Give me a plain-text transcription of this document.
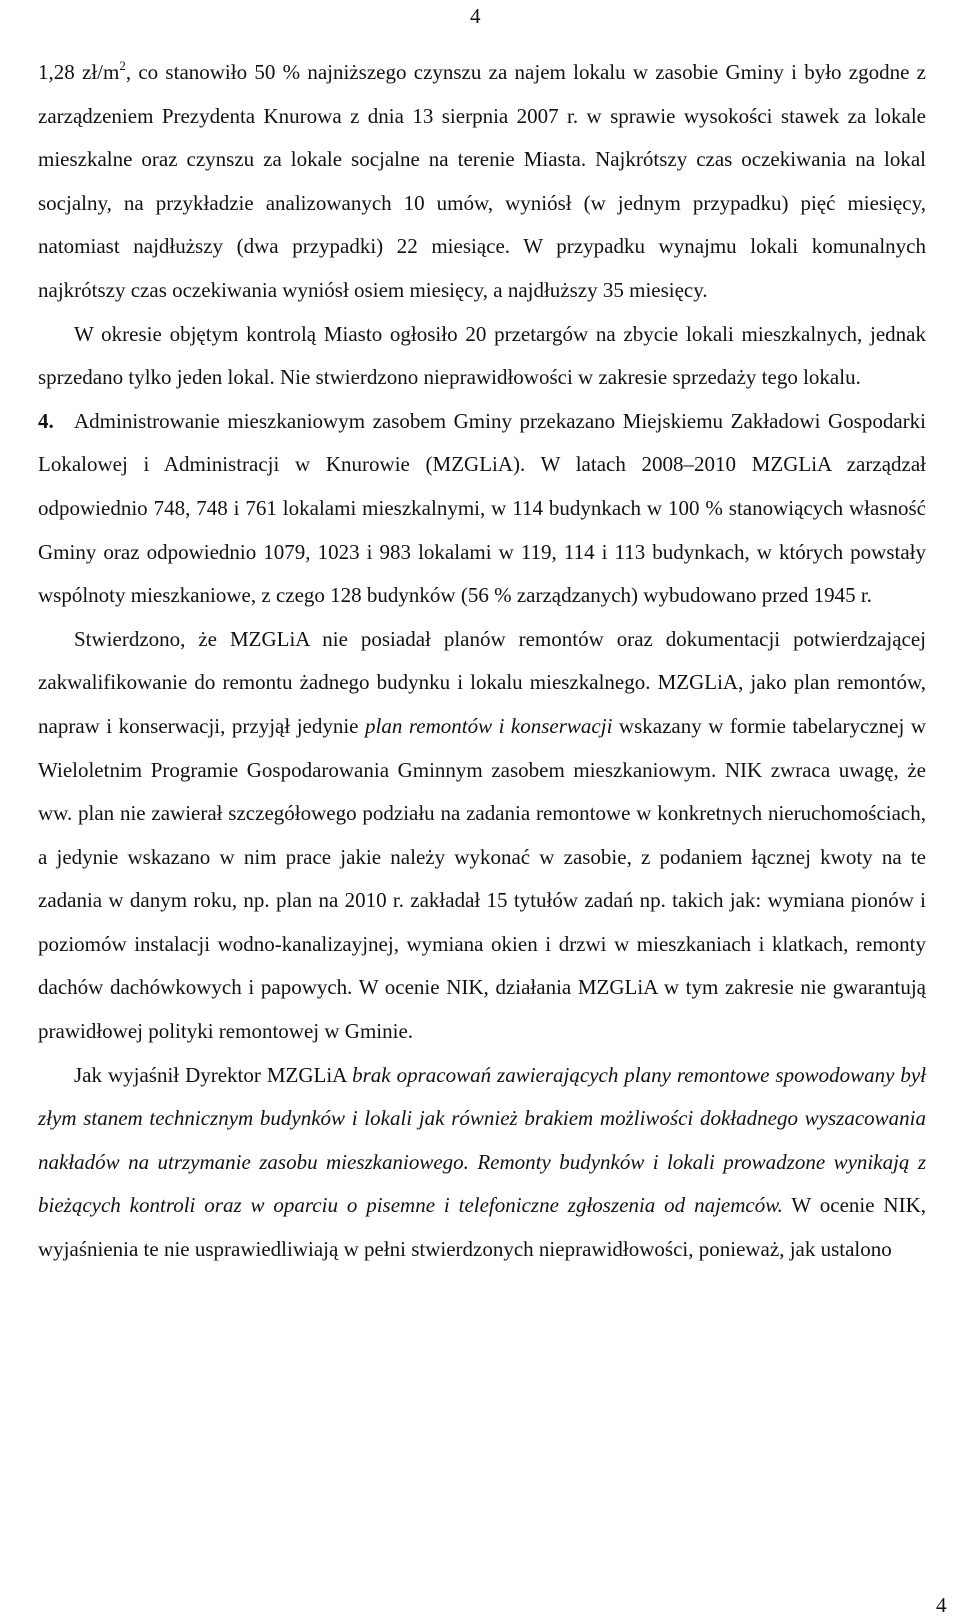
4

1,28 $zł/m^2$, co stanowiło 50 % najniższego czynszu za najem lokalu w zasobie Gminy i było zgodne z zarządzeniem Prezydenta Knurowa z dnia 13 sierpnia 2007 r. w sprawie wysokości stawek za lokale mieszkalne oraz czynszu za lokale socjalne na terenie Miasta. Najkrótszy czas oczekiwania na lokal socjalny, na przykładzie analizowanych 10 umów, wyniósł (w jednym przypadku) pięć miesięcy, natomiast najdłuższy (dwa przypadki) 22 miesiące. W przypadku wynajmu lokali komunalnych najkrótszy czas oczekiwania wyniósł osiem miesięcy, a najdłuższy 35 miesięcy.

W okresie objętym kontrolą Miasto ogłosiło 20 przetargów na zbycie lokali mieszkalnych, jednak sprzedano tylko jeden lokal. Nie stwierdzono nieprawidłowości w zakresie sprzedaży tego lokalu.

4. Administrowanie mieszkaniowym zasobem Gminy przekazano Miejskiemu Zakładowi Gospodarki Lokalowej i Administracji w Knurowie (MZGLiA). W latach 2008–2010 MZGLiA zarządzał odpowiednio 748, 748 i 761 lokalami mieszkalnymi, w 114 budynkach w 100 % stanowiących własność Gminy oraz odpowiednio 1079, 1023 i 983 lokalami w 119, 114 i 113 budynkach, w których powstały wspólnoty mieszkaniowe, z czego 128 budynków (56 % zarządzanych) wybudowano przed 1945 r.

Stwierdzono, że MZGLiA nie posiadał planów remontów oraz dokumentacji potwierdzającej zakwalifikowanie do remontu żadnego budynku i lokalu mieszkalnego. MZGLiA, jako plan remontów, napraw i konserwacji, przyjął jedynie plan remontów i konserwacji wskazany w formie tabelarycznej w Wieloletnim Programie Gospodarowania Gminnym zasobem mieszkaniowym. NIK zwraca uwagę, że ww. plan nie zawierał szczegółowego podziału na zadania remontowe w konkretnych nieruchomościach, a jedynie wskazano w nim prace jakie należy wykonać w zasobie, z podaniem łącznej kwoty na te zadania w danym roku, np. plan na 2010 r. zakładał 15 tytułów zadań np. takich jak: wymiana pionów i poziomów instalacji wodno-kanalizayjnej, wymiana okien i drzwi w mieszkaniach i klatkach, remonty dachów dachówkowych i papowych. W ocenie NIK, działania MZGLiA w tym zakresie nie gwarantują prawidłowej polityki remontowej w Gminie.

Jak wyjaśnił Dyrektor MZGLiA brak opracowań zawierających plany remontowe spowodowany był złym stanem technicznym budynków i lokali jak również brakiem możliwości dokładnego wyszacowania nakładów na utrzymanie zasobu mieszkaniowego. Remonty budynków i lokali prowadzone wynikają z bieżących kontroli oraz w oparciu o pisemne i telefoniczne zgłoszenia od najemców. W ocenie NIK, wyjaśnienia te nie usprawiedliwiają w pełni stwierdzonych nieprawidłowości, ponieważ, jak ustalono

4
